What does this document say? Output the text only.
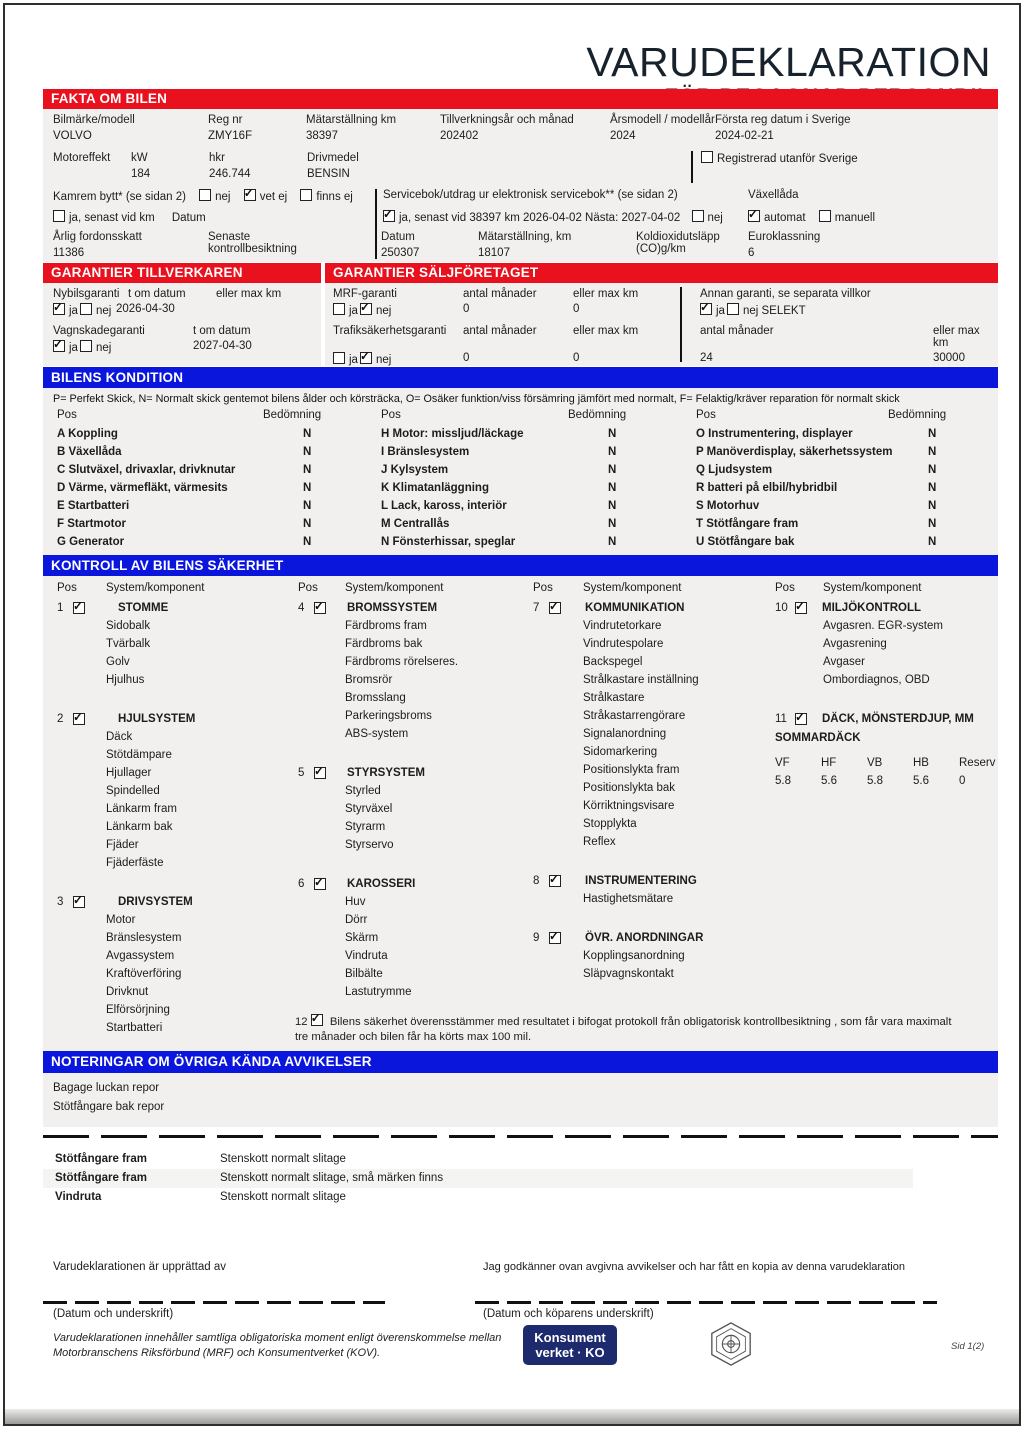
VARUDEKLARATION
FAKTA OM BILEN
Bilmärke/modell
VOLVO
Reg nr
ZMY16F
Mätarställning km
38397
Tillverkningsår och månad
202402
Årsmodell / modellår
2024
Första reg datum i Sverige
2024-02-21
Motoreffekt	kW
184
hkr
246.744
Drivmedel
BENSIN
Registrerad utanför Sverige
Kamrem bytt* (se sidan 2)	nej ✓	vet ej	finns ej
ja, senast vid km Datum
Servicebok/utdrag ur elektronisk servicebok** (se sidan 2)
✓ja, senast vid 38397 km 2026-04-02 Nästa: 2027-04-02 nej
Växellåda
✓automat	manuell
Årlig fordonsskatt
11386
Senaste kontrollbesiktning
Datum
250307
Mätarställning, km
18107
Koldioxidutsläpp (CO)g/km
Euroklassning
6
GARANTIER TILLVERKAREN	GARANTIER SÄLJFÖRETAGET
Nybilsgaranti t om datum	eller max km
✓ja nej 2026-04-30
Vagnskadegaranti	t om datum
✓ja nej	2027-04-30
MRF-garanti	antal månader	eller max km	Annan garanti, se separata villkor
ja ✓ nej	0	0 ✓	ja nej SELEKT
Trafiksäkerhetsgaranti	antal månader	eller max km	antal månader	eller max km
ja ✓ nej	0	0	24	30000
BILENS KONDITION
P= Perfekt Skick, N= Normalt skick gentemot bilens ålder och körsträcka, O= Osäker funktion/viss försämring jämfört med normalt, F= Felaktig/kräver reparation för normalt skick
Pos	Bedömning
A Koppling	N
B Växellåda	N
C Slutväxel, drivaxlar, drivknutar	N
D Värme, värmefläkt, värmesits	N
E Startbatteri	N
F Startmotor	N
G Generator	N
Pos	Bedömning
H Motor: missljud/läckage	N
I Bränslesystem	N
J Kylsystem	N
K Klimatanläggning	N
L Lack, kaross, interiör	N
M Centrallås	N
N Fönsterhissar, speglar	N
Pos	Bedömning
O Instrumentering, displayer	N
P Manöverdisplay, säkerhetssystem	N
Q Ljudsystem	N
R batteri på elbil/hybridbil	N
S Motorhuv	N
T Stötfångare fram	N
U Stötfångare bak	N
KONTROLL AV BILENS SÄKERHET
Pos	System/komponent
1 ✓	STOMME
Sidobalk
Tvärbalk
Golv
Hjulhus
2 ✓	HJULSYSTEM
Däck
Stötdämpare
Hjullager
Spindelled
Länkarm fram
Länkarm bak
Fjäder
Fjäderfäste
3 ✓	DRIVSYSTEM
Motor
Bränslesystem
Avgassystem
Kraftöverföring
Drivknut
Elförsörjning
Startbatteri
Pos	System/komponent
4 ✓	BROMSSYSTEM
Färdbroms fram
Färdbroms bak
Färdbroms rörelseres.
Bromsrör
Bromsslang
Parkeringsbroms
ABS-system
5 ✓	STYRSYSTEM
Styrled
Styrväxel
Styrarm
Styrservo
6 ✓	KAROSSERI
Huv
Dörr
Skärm
Vindruta
Bilbälte
Lastutrymme
Pos	System/komponent
7 ✓	KOMMUNIKATION
Vindrutetorkare
Vindrutespolare
Backspegel
Strålkastare inställning
Strålkastare
Stråkastarrengörare
Signalanordning
Sidomarkering
Positionslykta fram
Positionslykta bak
Körriktningsvisare
Stopplykta
Reflex
8 ✓	INSTRUMENTERING
Hastighetsmätare
9 ✓	ÖVR. ANORDNINGAR
Kopplingsanordning
Släpvagnskontakt
Pos	System/komponent
10 ✓	MILJÖKONTROLL
Avgasren. EGR-system
Avgasrening
Avgaser
Ombordiagnos, OBD
11 ✓	DÄCK, MÖNSTERDJUP, MM
SOMMARDÄCK
VF	HF	VB	HB	Reserv
5.8	5.6	5.8	5.6	0
12 ✓ Bilens säkerhet överensstämmer med resultatet i bifogat protokoll från obligatorisk kontrollbesiktning , som får vara maximalt tre månader och bilen får ha körts max 100 mil.
NOTERINGAR OM ÖVRIGA KÄNDA AVVIKELSER
Bagage luckan repor
Stötfångare bak repor
Stötfångare fram	Stenskott normalt slitage
Stötfångare fram	Stenskott normalt slitage, små märken finns
Vindruta	Stenskott normalt slitage
Varudeklarationen är upprättad av	Jag godkänner ovan avgivna avvikelser och har fått en kopia av denna varudeklaration
(Datum och underskrift)	(Datum och köparens underskrift)
Varudeklarationen innehåller samtliga obligatoriska moment enligt överenskommelse mellan Motorbranschens Riksförbund (MRF) och Konsumentverket (KOV).
Konsument
verket · KO	Sid 1(2)
